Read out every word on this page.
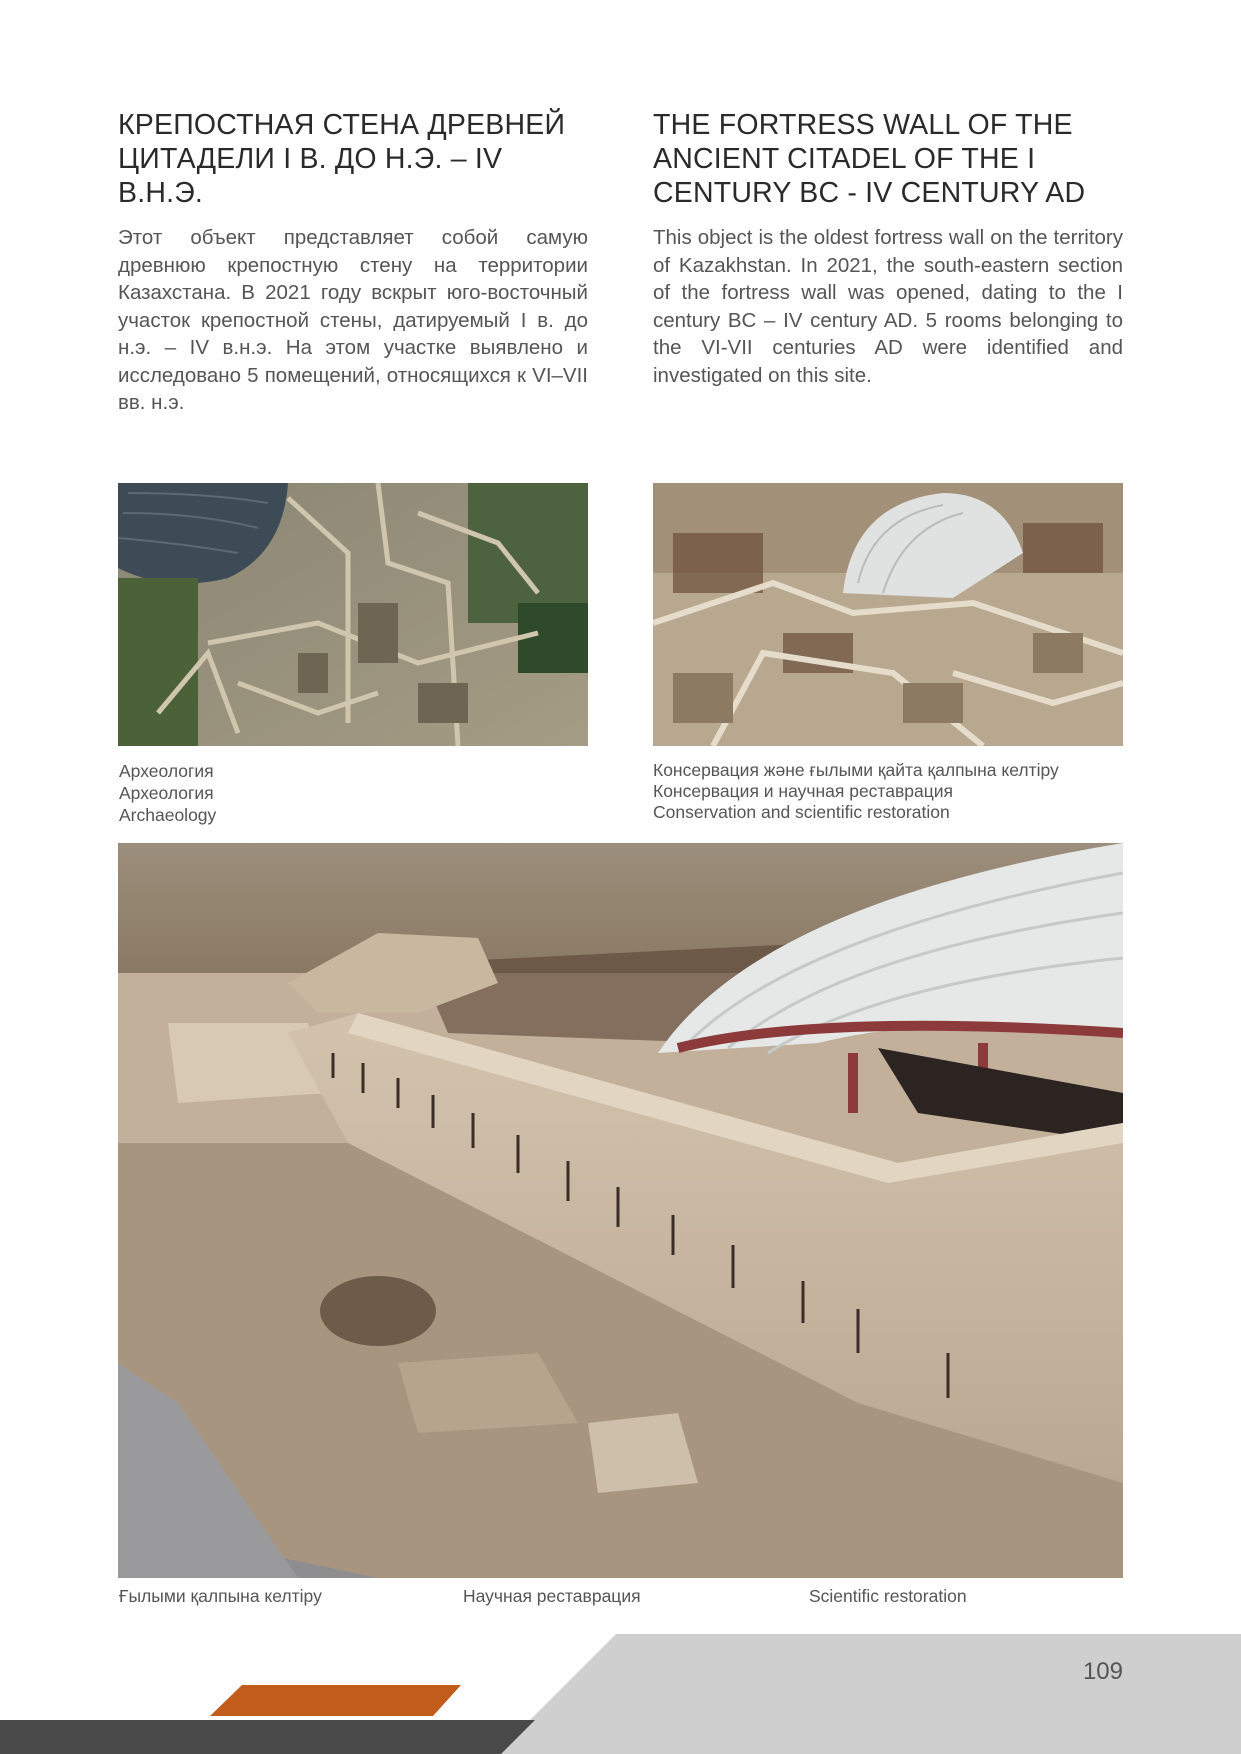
КРЕПОСТНАЯ СТЕНА ДРЕВНЕЙ
ЦИТАДЕЛИ I В. ДО Н.Э. – IV В.Н.Э.

Этот объект представляет собой самую древнюю крепостную стену на территории Казахстана. В 2021 году вскрыт юго-восточный участок крепостной стены, датируемый I в. до н.э. – IV в.н.э. На этом участке выявлено и исследовано 5 помещений, относящихся к VI–VII вв. н.э.

THE FORTRESS WALL OF THE
ANCIENT CITADEL OF THE I
CENTURY BC - IV CENTURY AD

This object is the oldest fortress wall on the territory of Kazakhstan. In 2021, the south-eastern section of the fortress wall was opened, dating to the I century BC – IV century AD. 5 rooms belonging to the VI-VII centuries AD were identified and investigated on this site.

Археология
Археология
Archaeology
Консервация және ғылыми қайта қалпына келтіру
Консервация и научная реставрация
Conservation and scientific restoration
Ғылыми қалпына келтіру	Научная реставрация	Scientific restoration
109
